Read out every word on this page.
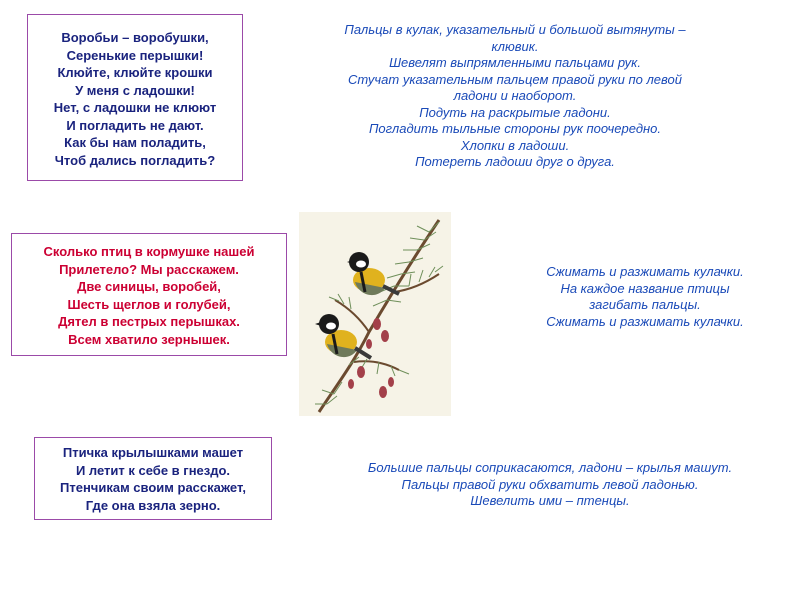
Воробьи – воробушки,
Серенькие перышки!
Клюйте, клюйте крошки
У меня с ладошки!
Нет, с ладошки не клюют
И погладить не дают.
Как бы нам поладить,
Чтоб дались погладить?
Сколько птиц в кормушке нашей
Прилетело? Мы расскажем.
Две синицы, воробей,
Шесть щеглов и голубей,
Дятел в пестрых перышках.
Всем хватило зернышек.
Птичка крылышками машет
И летит к себе в гнездо.
Птенчикам своим расскажет,
Где она взяла зерно.
Пальцы в кулак, указательный и большой вытянуты –
клювик.
Шевелят выпрямленными пальцами рук.
Стучат указательным пальцем правой руки по левой
ладони и наоборот.
Подуть на раскрытые ладони.
Погладить тыльные стороны рук поочередно.
Хлопки в ладоши.
Потереть ладоши друг о друга.
Сжимать и разжимать кулачки.
На каждое название птицы
загибать пальцы.
Сжимать и разжимать кулачки.
Большие пальцы соприкасаются, ладони – крылья машут.
Пальцы правой руки обхватить левой ладонью.
Шевелить ими – птенцы.
